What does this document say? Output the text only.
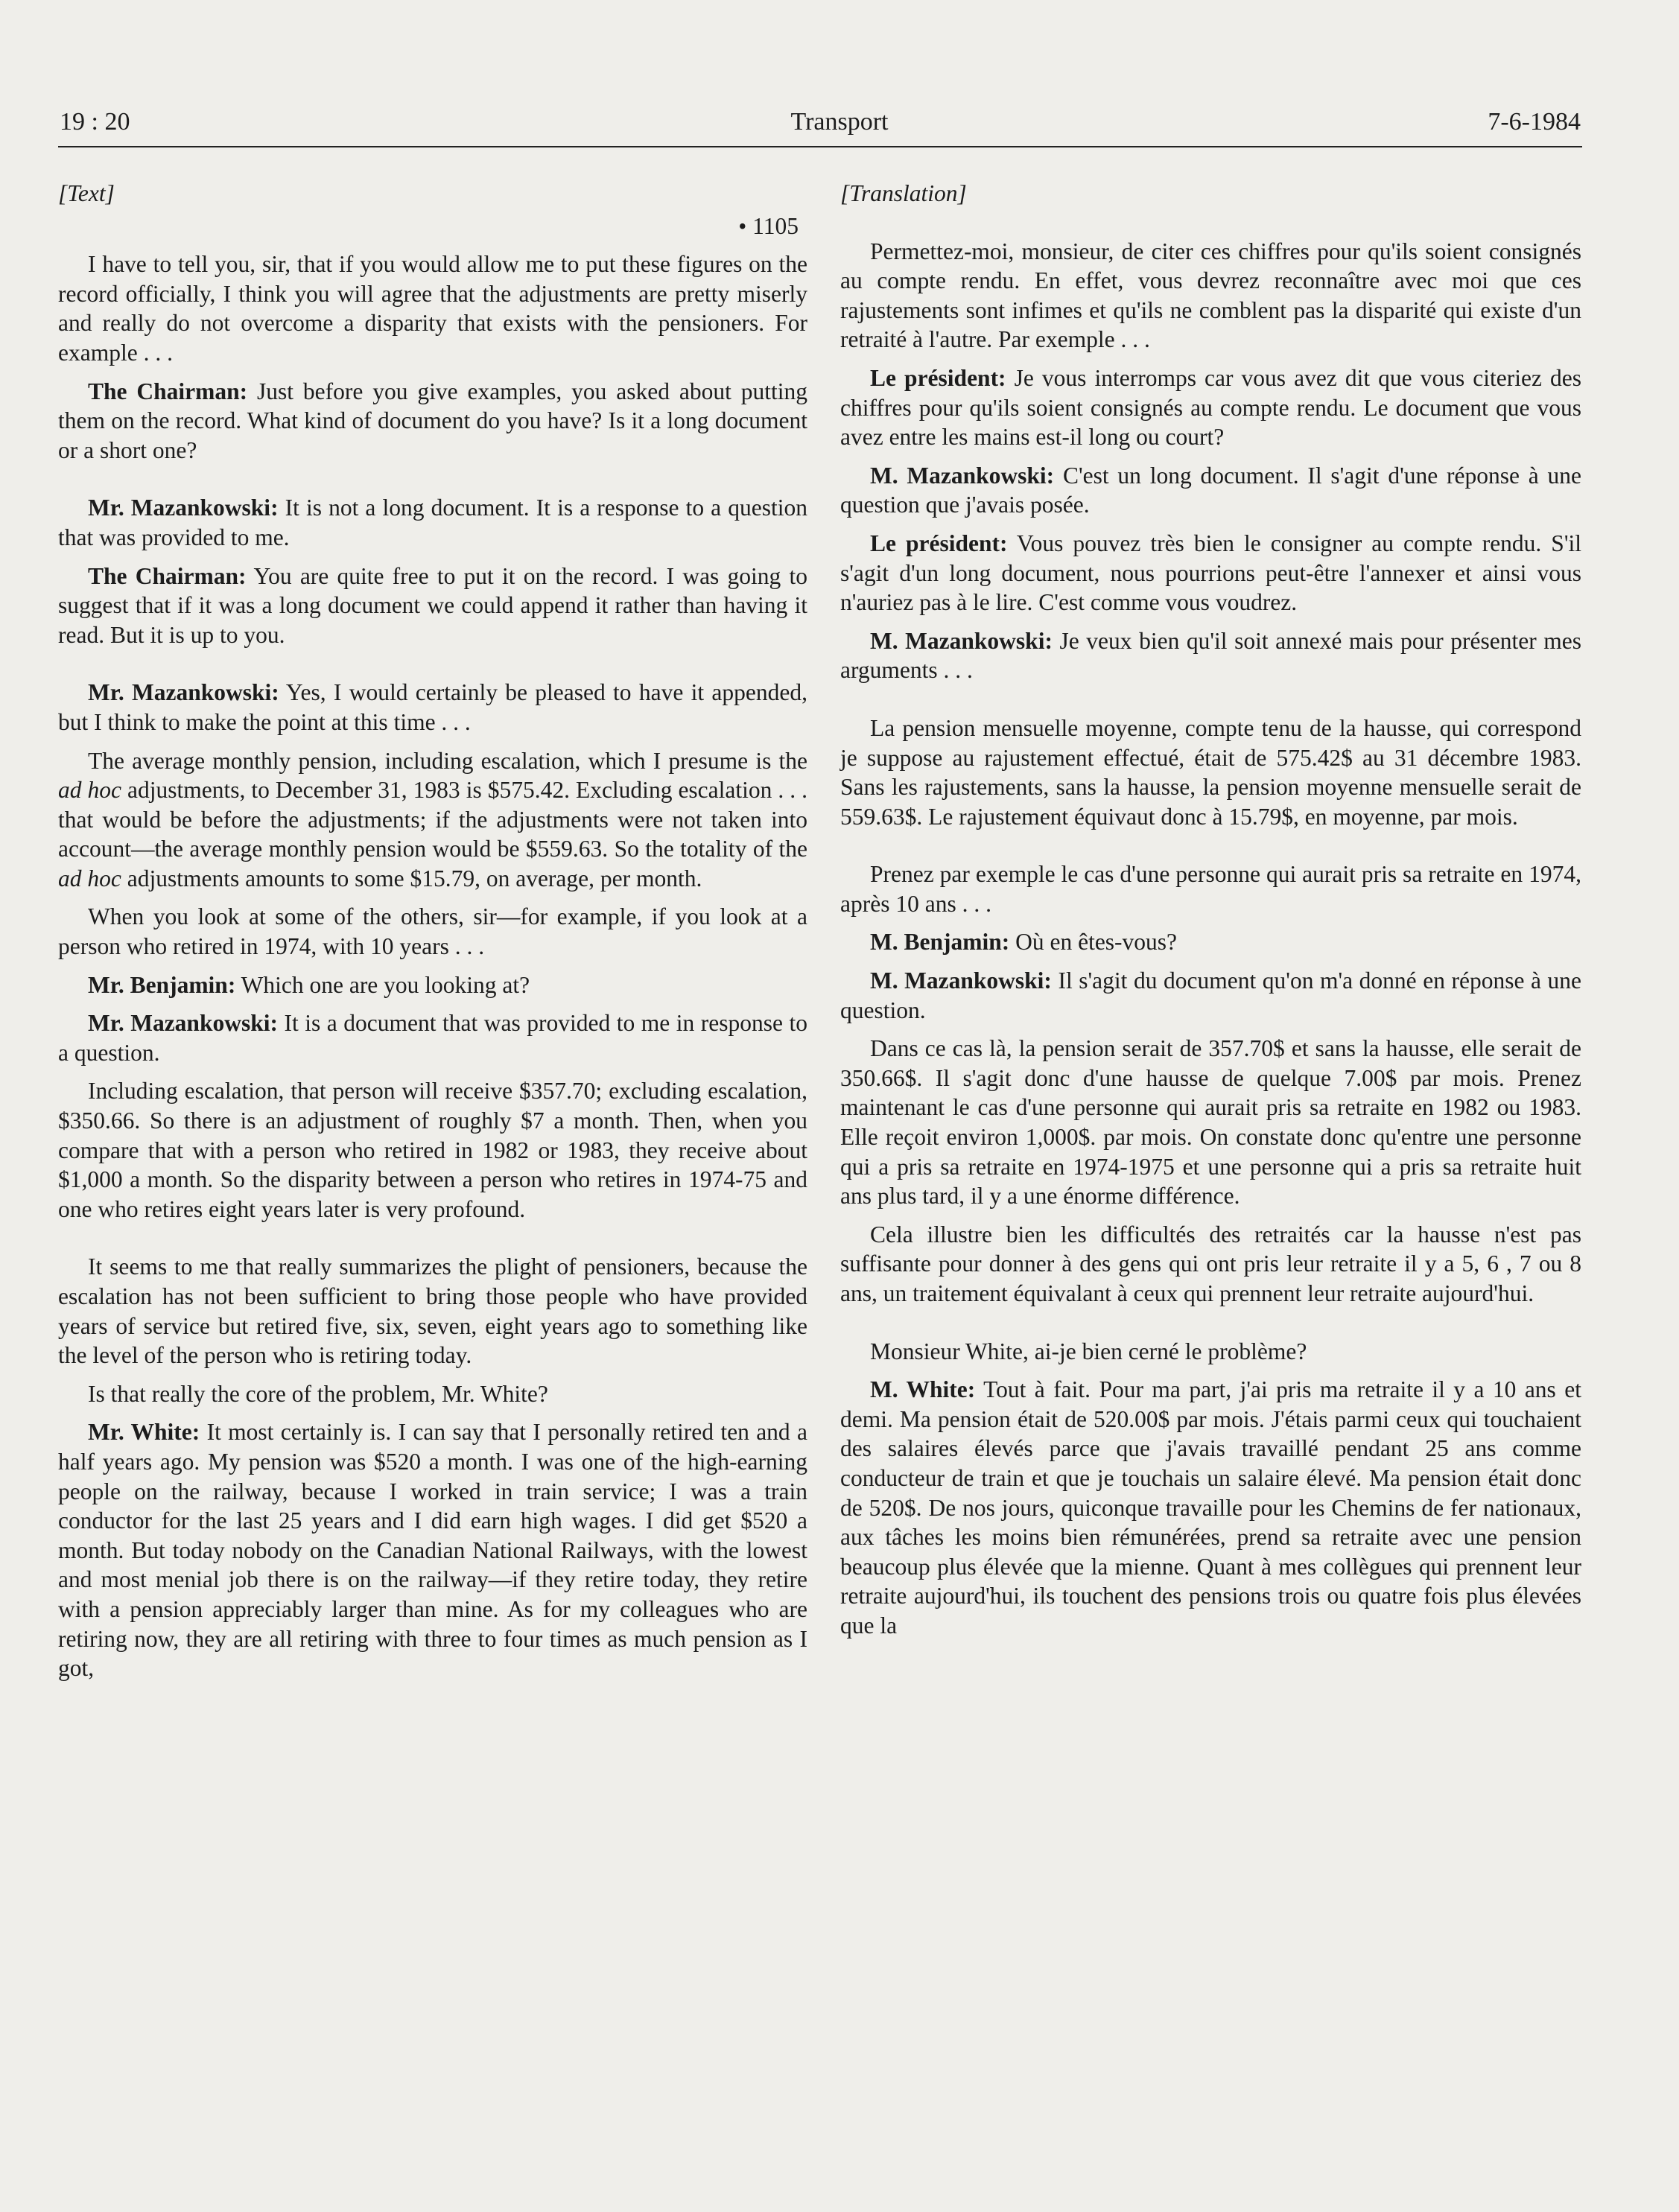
19 : 20	Transport	7-6-1984
[Text]
• 1105

I have to tell you, sir, that if you would allow me to put these figures on the record officially, I think you will agree that the adjustments are pretty miserly and really do not overcome a disparity that exists with the pensioners. For example . . .

The Chairman: Just before you give examples, you asked about putting them on the record. What kind of document do you have? Is it a long document or a short one?

Mr. Mazankowski: It is not a long document. It is a response to a question that was provided to me.

The Chairman: You are quite free to put it on the record. I was going to suggest that if it was a long document we could append it rather than having it read. But it is up to you.

Mr. Mazankowski: Yes, I would certainly be pleased to have it appended, but I think to make the point at this time . . .

The average monthly pension, including escalation, which I presume is the ad hoc adjustments, to December 31, 1983 is $575.42. Excluding escalation . . . that would be before the adjustments; if the adjustments were not taken into account—the average monthly pension would be $559.63. So the totality of the ad hoc adjustments amounts to some $15.79, on average, per month.

When you look at some of the others, sir—for example, if you look at a person who retired in 1974, with 10 years . . .

Mr. Benjamin: Which one are you looking at?

Mr. Mazankowski: It is a document that was provided to me in response to a question.

Including escalation, that person will receive $357.70; excluding escalation, $350.66. So there is an adjustment of roughly $7 a month. Then, when you compare that with a person who retired in 1982 or 1983, they receive about $1,000 a month. So the disparity between a person who retires in 1974-75 and one who retires eight years later is very profound.

It seems to me that really summarizes the plight of pensioners, because the escalation has not been sufficient to bring those people who have provided years of service but retired five, six, seven, eight years ago to something like the level of the person who is retiring today.

Is that really the core of the problem, Mr. White?

Mr. White: It most certainly is. I can say that I personally retired ten and a half years ago. My pension was $520 a month. I was one of the high-earning people on the railway, because I worked in train service; I was a train conductor for the last 25 years and I did earn high wages. I did get $520 a month. But today nobody on the Canadian National Railways, with the lowest and most menial job there is on the railway—if they retire today, they retire with a pension appreciably larger than mine. As for my colleagues who are retiring now, they are all retiring with three to four times as much pension as I got,

[Translation]

Permettez-moi, monsieur, de citer ces chiffres pour qu'ils soient consignés au compte rendu. En effet, vous devrez reconnaître avec moi que ces rajustements sont infimes et qu'ils ne comblent pas la disparité qui existe d'un retraité à l'autre. Par exemple . . .

Le président: Je vous interromps car vous avez dit que vous citeriez des chiffres pour qu'ils soient consignés au compte rendu. Le document que vous avez entre les mains est-il long ou court?

M. Mazankowski: C'est un long document. Il s'agit d'une réponse à une question que j'avais posée.

Le président: Vous pouvez très bien le consigner au compte rendu. S'il s'agit d'un long document, nous pourrions peut-être l'annexer et ainsi vous n'auriez pas à le lire. C'est comme vous voudrez.

M. Mazankowski: Je veux bien qu'il soit annexé mais pour présenter mes arguments . . .

La pension mensuelle moyenne, compte tenu de la hausse, qui correspond je suppose au rajustement effectué, était de 575.42$ au 31 décembre 1983. Sans les rajustements, sans la hausse, la pension moyenne mensuelle serait de 559.63$. Le rajustement équivaut donc à 15.79$, en moyenne, par mois.

Prenez par exemple le cas d'une personne qui aurait pris sa retraite en 1974, après 10 ans . . .

M. Benjamin: Où en êtes-vous?

M. Mazankowski: Il s'agit du document qu'on m'a donné en réponse à une question.

Dans ce cas là, la pension serait de 357.70$ et sans la hausse, elle serait de 350.66$. Il s'agit donc d'une hausse de quelque 7.00$ par mois. Prenez maintenant le cas d'une personne qui aurait pris sa retraite en 1982 ou 1983. Elle reçoit environ 1,000$. par mois. On constate donc qu'entre une personne qui a pris sa retraite en 1974-1975 et une personne qui a pris sa retraite huit ans plus tard, il y a une énorme différence.

Cela illustre bien les difficultés des retraités car la hausse n'est pas suffisante pour donner à des gens qui ont pris leur retraite il y a 5, 6 , 7 ou 8 ans, un traitement équivalant à ceux qui prennent leur retraite aujourd'hui.

Monsieur White, ai-je bien cerné le problème?

M. White: Tout à fait. Pour ma part, j'ai pris ma retraite il y a 10 ans et demi. Ma pension était de 520.00$ par mois. J'étais parmi ceux qui touchaient des salaires élevés parce que j'avais travaillé pendant 25 ans comme conducteur de train et que je touchais un salaire élevé. Ma pension était donc de 520$. De nos jours, quiconque travaille pour les Chemins de fer nationaux, aux tâches les moins bien rémunérées, prend sa retraite avec une pension beaucoup plus élevée que la mienne. Quant à mes collègues qui prennent leur retraite aujourd'hui, ils touchent des pensions trois ou quatre fois plus élevées que la
